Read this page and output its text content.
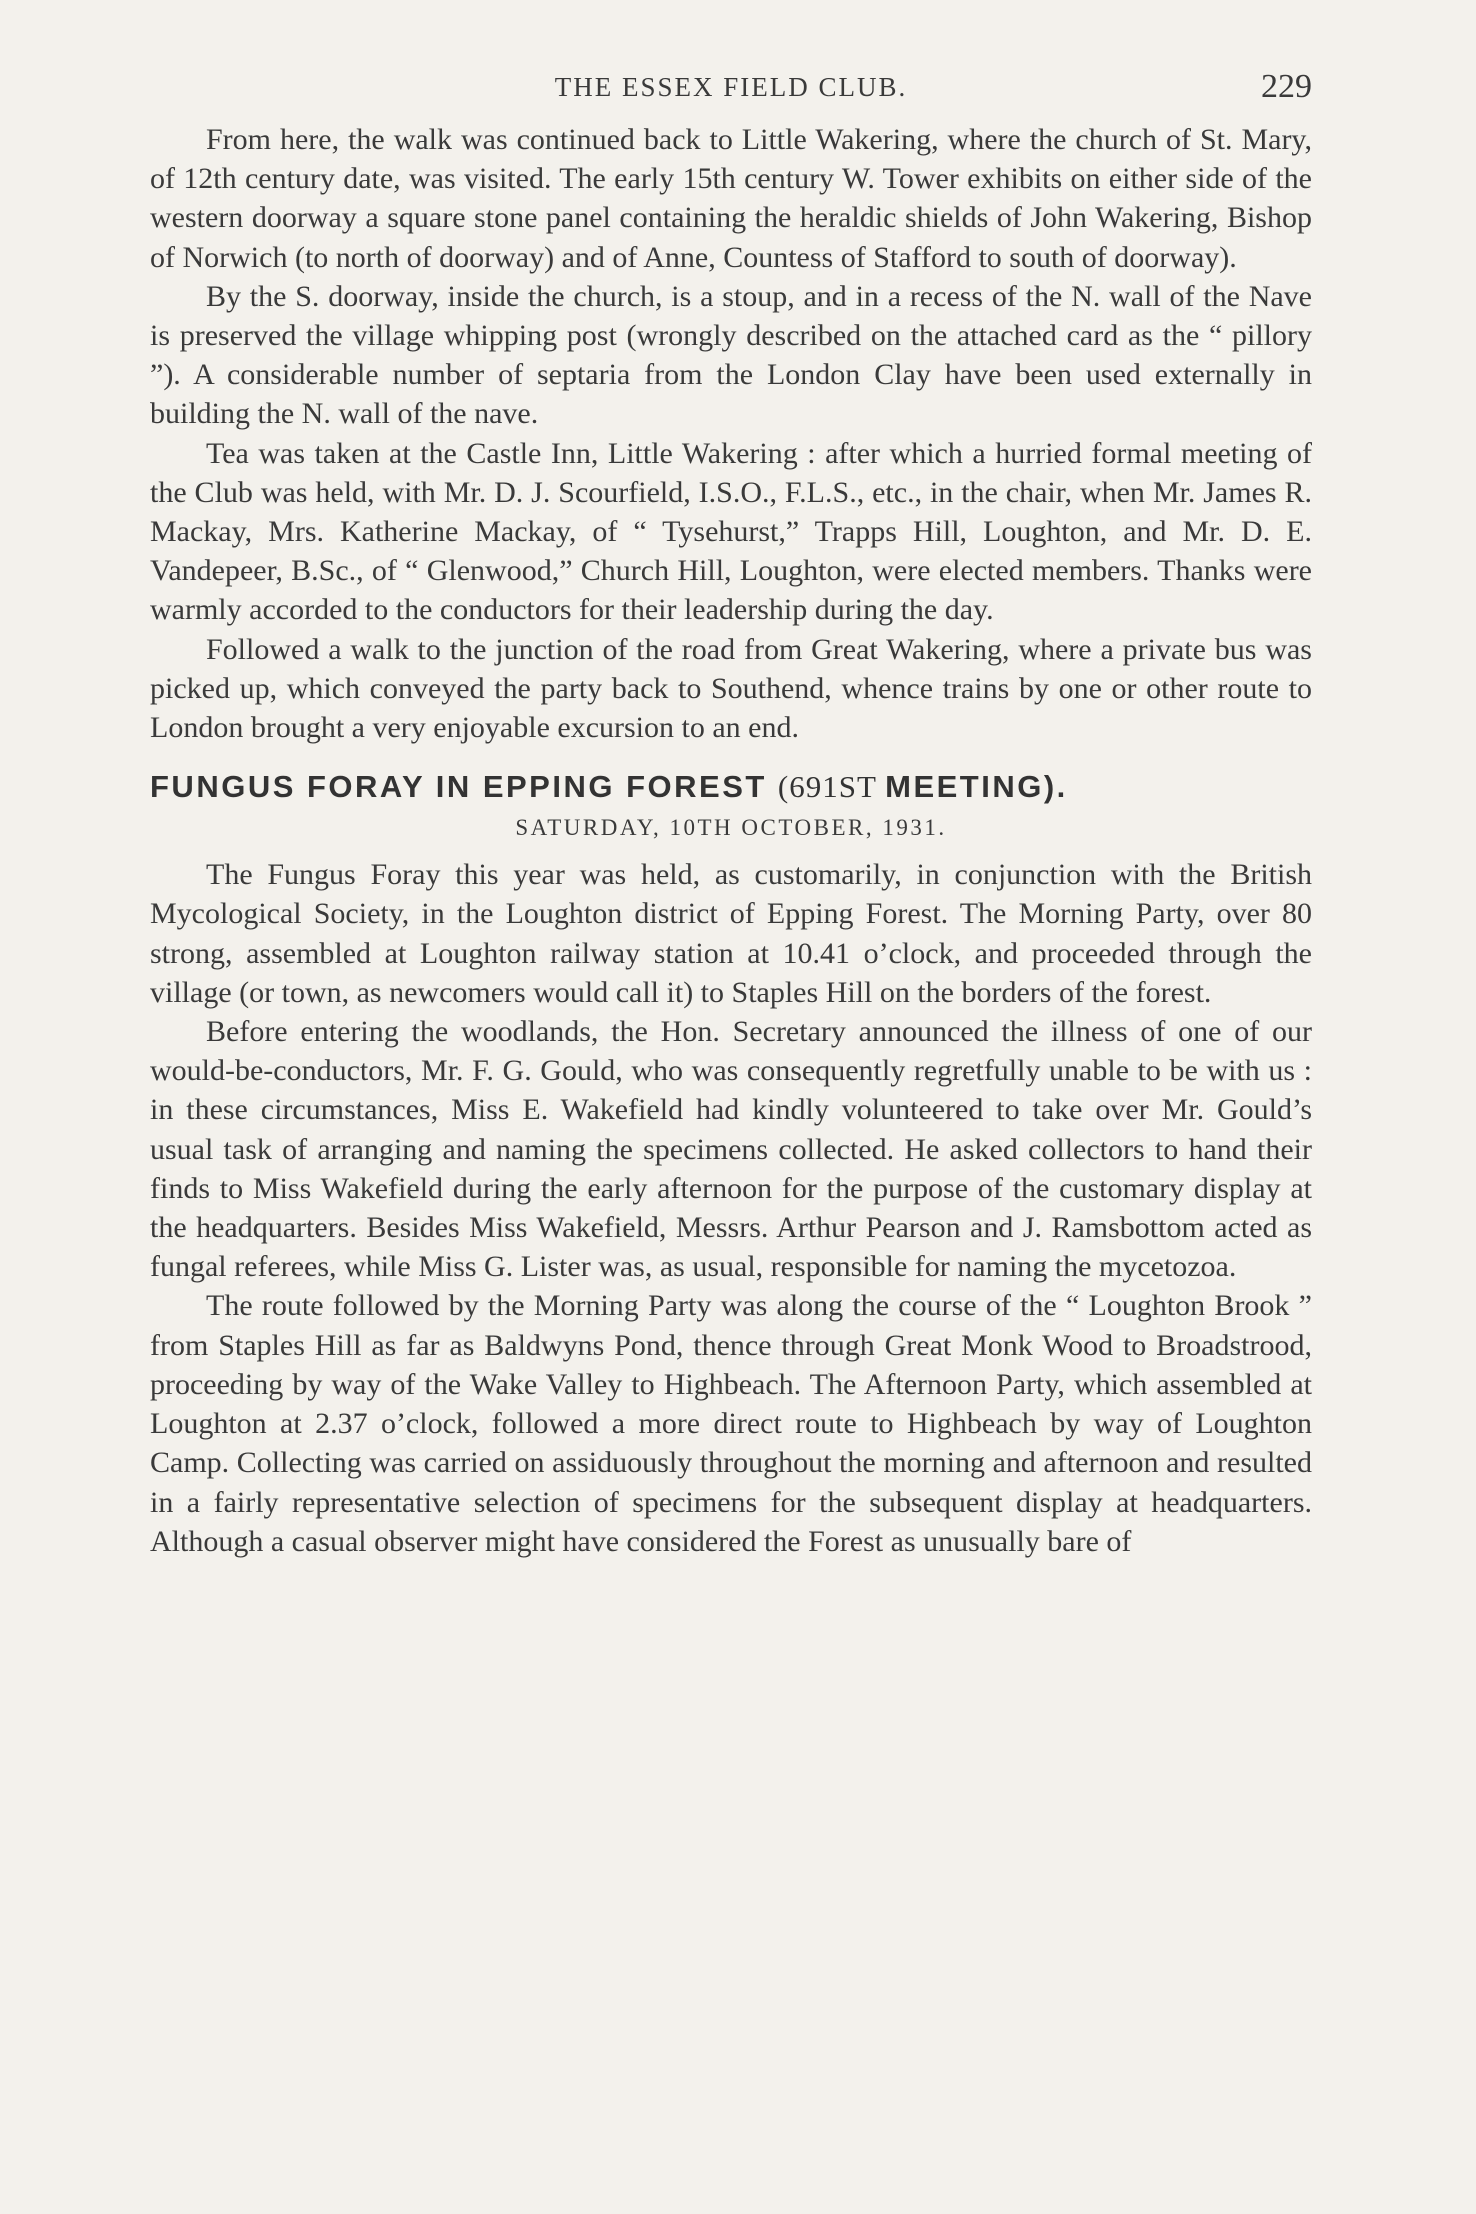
THE ESSEX FIELD CLUB.	229

From here, the walk was continued back to Little Wakering, where the church of St. Mary, of 12th century date, was visited. The early 15th century W. Tower exhibits on either side of the western doorway a square stone panel containing the heraldic shields of John Wakering, Bishop of Norwich (to north of doorway) and of Anne, Countess of Stafford to south of doorway).

By the S. doorway, inside the church, is a stoup, and in a recess of the N. wall of the Nave is preserved the village whipping post (wrongly described on the attached card as the “ pillory ”). A considerable number of septaria from the London Clay have been used externally in building the N. wall of the nave.

Tea was taken at the Castle Inn, Little Wakering : after which a hurried formal meeting of the Club was held, with Mr. D. J. Scourfield, I.S.O., F.L.S., etc., in the chair, when Mr. James R. Mackay, Mrs. Katherine Mackay, of “ Tysehurst,” Trapps Hill, Loughton, and Mr. D. E. Vandepeer, B.Sc., of “ Glenwood,” Church Hill, Loughton, were elected members. Thanks were warmly accorded to the conductors for their leadership during the day.

Followed a walk to the junction of the road from Great Wakering, where a private bus was picked up, which conveyed the party back to Southend, whence trains by one or other route to London brought a very enjoyable excursion to an end.

FUNGUS FORAY IN EPPING FOREST (691ST MEETING).
SATURDAY, 10TH OCTOBER, 1931.

The Fungus Foray this year was held, as customarily, in conjunction with the British Mycological Society, in the Loughton district of Epping Forest. The Morning Party, over 80 strong, assembled at Loughton railway station at 10.41 o’clock, and proceeded through the village (or town, as newcomers would call it) to Staples Hill on the borders of the forest.

Before entering the woodlands, the Hon. Secretary announced the illness of one of our would-be-conductors, Mr. F. G. Gould, who was consequently regretfully unable to be with us : in these circumstances, Miss E. Wakefield had kindly volunteered to take over Mr. Gould’s usual task of arranging and naming the specimens collected. He asked collectors to hand their finds to Miss Wakefield during the early afternoon for the purpose of the customary display at the headquarters. Besides Miss Wakefield, Messrs. Arthur Pearson and J. Ramsbottom acted as fungal referees, while Miss G. Lister was, as usual, responsible for naming the mycetozoa.

The route followed by the Morning Party was along the course of the “ Loughton Brook ” from Staples Hill as far as Baldwyns Pond, thence through Great Monk Wood to Broadstrood, proceeding by way of the Wake Valley to Highbeach. The Afternoon Party, which assembled at Loughton at 2.37 o’clock, followed a more direct route to Highbeach by way of Loughton Camp. Collecting was carried on assiduously throughout the morning and afternoon and resulted in a fairly representative selection of specimens for the subsequent display at headquarters. Although a casual observer might have considered the Forest as unusually bare of
